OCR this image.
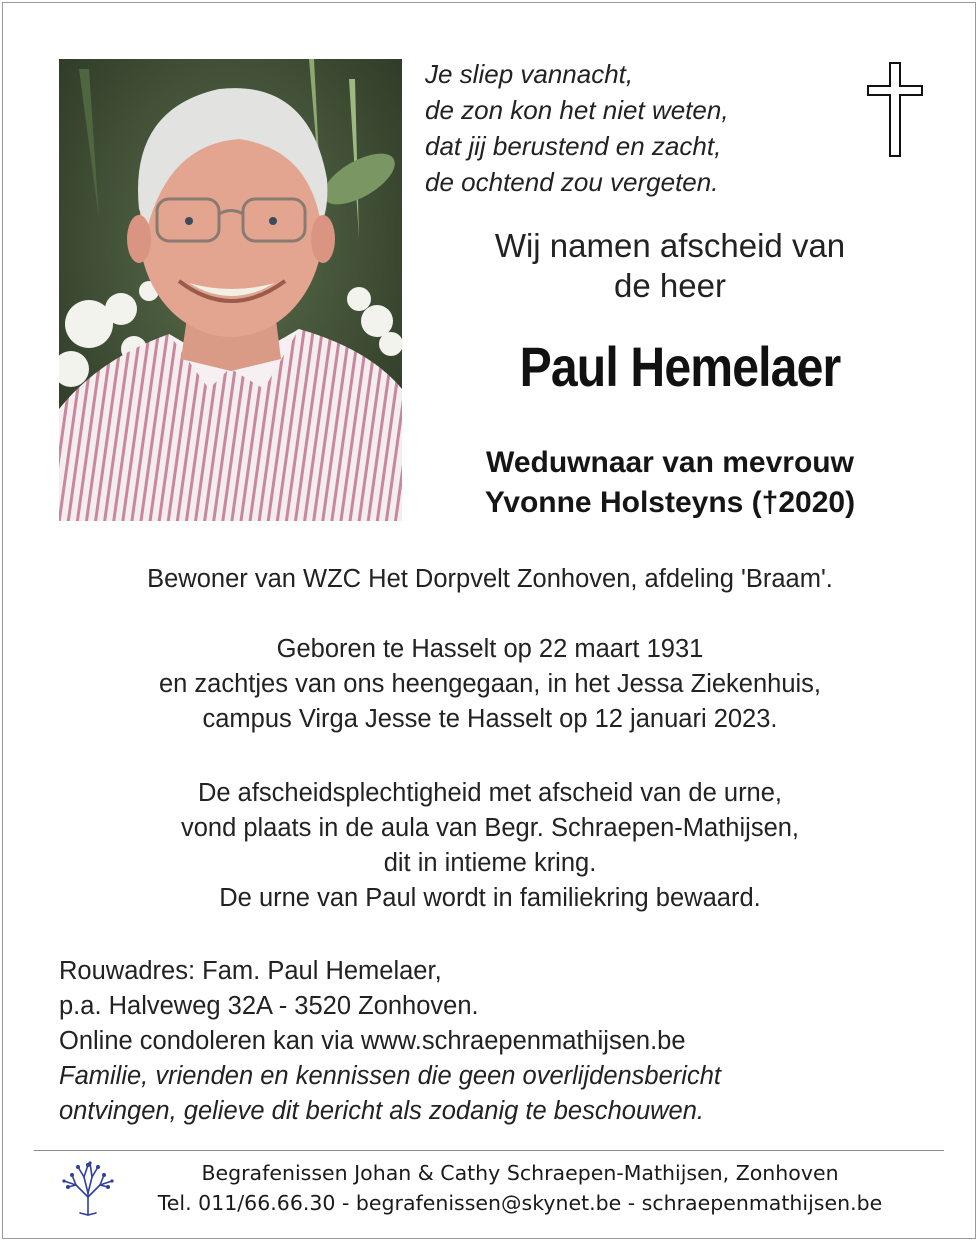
Je sliep vannacht,
de zon kon het niet weten,
dat jij berustend en zacht,
de ochtend zou vergeten.
Wij namen afscheid van
de heer
Paul Hemelaer
Weduwnaar van mevrouw
Yvonne Holsteyns (†2020)
Bewoner van WZC Het Dorpvelt Zonhoven, afdeling 'Braam'.
Geboren te Hasselt op 22 maart 1931
en zachtjes van ons heengegaan, in het Jessa Ziekenhuis,
campus Virga Jesse te Hasselt op 12 januari 2023.
De afscheidsplechtigheid met afscheid van de urne,
vond plaats in de aula van Begr. Schraepen-Mathijsen,
dit in intieme kring.
De urne van Paul wordt in familiekring bewaard.
Rouwadres: Fam. Paul Hemelaer,
p.a. Halveweg 32A - 3520 Zonhoven.
Online condoleren kan via www.schraepenmathijsen.be
Familie, vrienden en kennissen die geen overlijdensbericht
ontvingen, gelieve dit bericht als zodanig te beschouwen.
Begrafenissen Johan & Cathy Schraepen-Mathijsen, Zonhoven
Tel. 011/66.66.30 - begrafenissen@skynet.be - schraepenmathijsen.be
